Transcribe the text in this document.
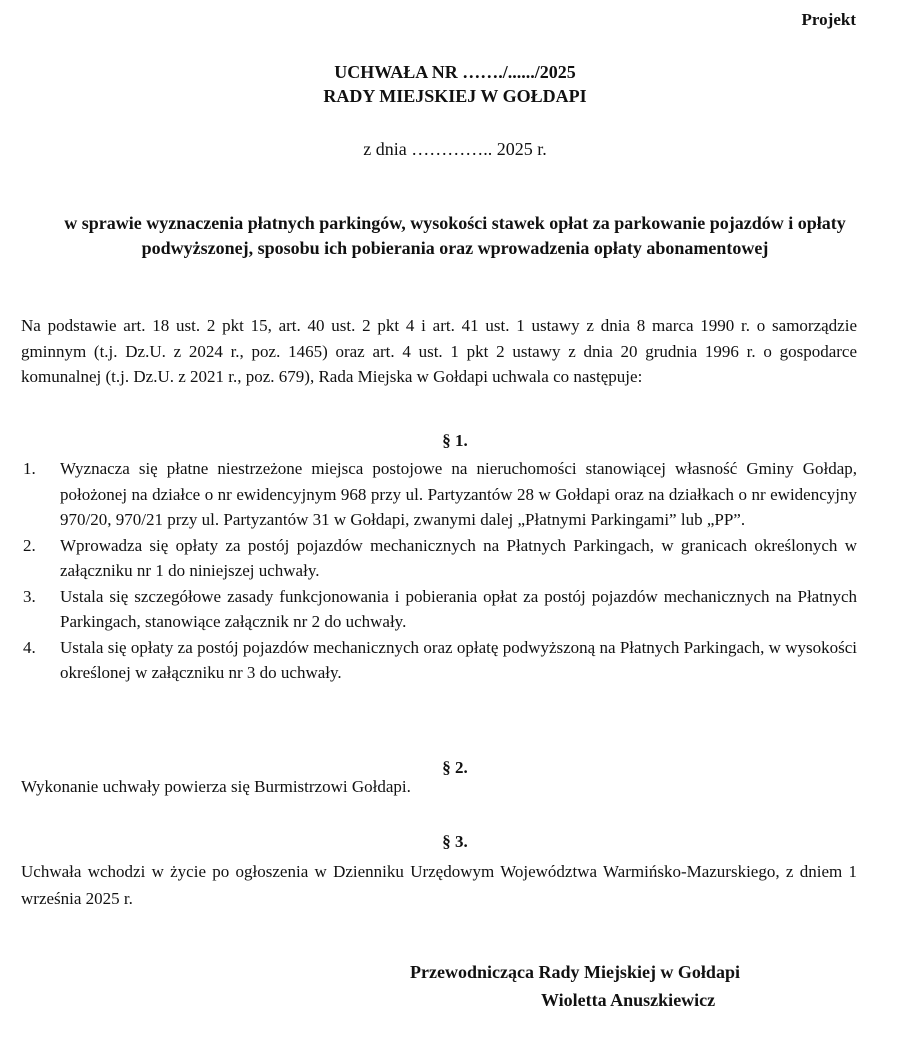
Projekt
UCHWAŁA NR ……./....../2025
RADY MIEJSKIEJ W GOŁDAPI
z dnia ………….. 2025 r.
w sprawie wyznaczenia płatnych parkingów, wysokości stawek opłat za parkowanie pojazdów i opłaty podwyższonej, sposobu ich pobierania oraz wprowadzenia opłaty abonamentowej
Na podstawie art. 18 ust. 2 pkt 15, art. 40 ust. 2 pkt 4 i art. 41 ust. 1 ustawy z dnia 8 marca 1990 r. o samorządzie gminnym (t.j. Dz.U. z 2024 r., poz. 1465) oraz art. 4 ust. 1 pkt 2 ustawy z dnia 20 grudnia 1996 r. o gospodarce komunalnej (t.j. Dz.U. z 2021 r., poz. 679), Rada Miejska w Gołdapi uchwala co następuje:
§ 1.
1. Wyznacza się płatne niestrzeżone miejsca postojowe na nieruchomości stanowiącej własność Gminy Gołdap, położonej na działce o nr ewidencyjnym 968 przy ul. Partyzantów 28 w Gołdapi oraz na działkach o nr ewidencyjny 970/20, 970/21 przy ul. Partyzantów 31 w Gołdapi, zwanymi dalej „Płatnymi Parkingami” lub „PP”.
2. Wprowadza się opłaty za postój pojazdów mechanicznych na Płatnych Parkingach, w granicach określonych w załączniku nr 1 do niniejszej uchwały.
3. Ustala się szczegółowe zasady funkcjonowania i pobierania opłat za postój pojazdów mechanicznych na Płatnych Parkingach, stanowiące załącznik nr 2 do uchwały.
4. Ustala się opłaty za postój pojazdów mechanicznych oraz opłatę podwyższoną na Płatnych Parkingach, w wysokości określonej w załączniku nr 3 do uchwały.
§ 2.
Wykonanie uchwały powierza się Burmistrzowi Gołdapi.
§ 3.
Uchwała wchodzi w życie po ogłoszenia w Dzienniku Urzędowym Województwa Warmińsko-Mazurskiego, z dniem 1 września 2025 r.
Przewodnicząca Rady Miejskiej w Gołdapi
Wioletta Anuszkiewicz
